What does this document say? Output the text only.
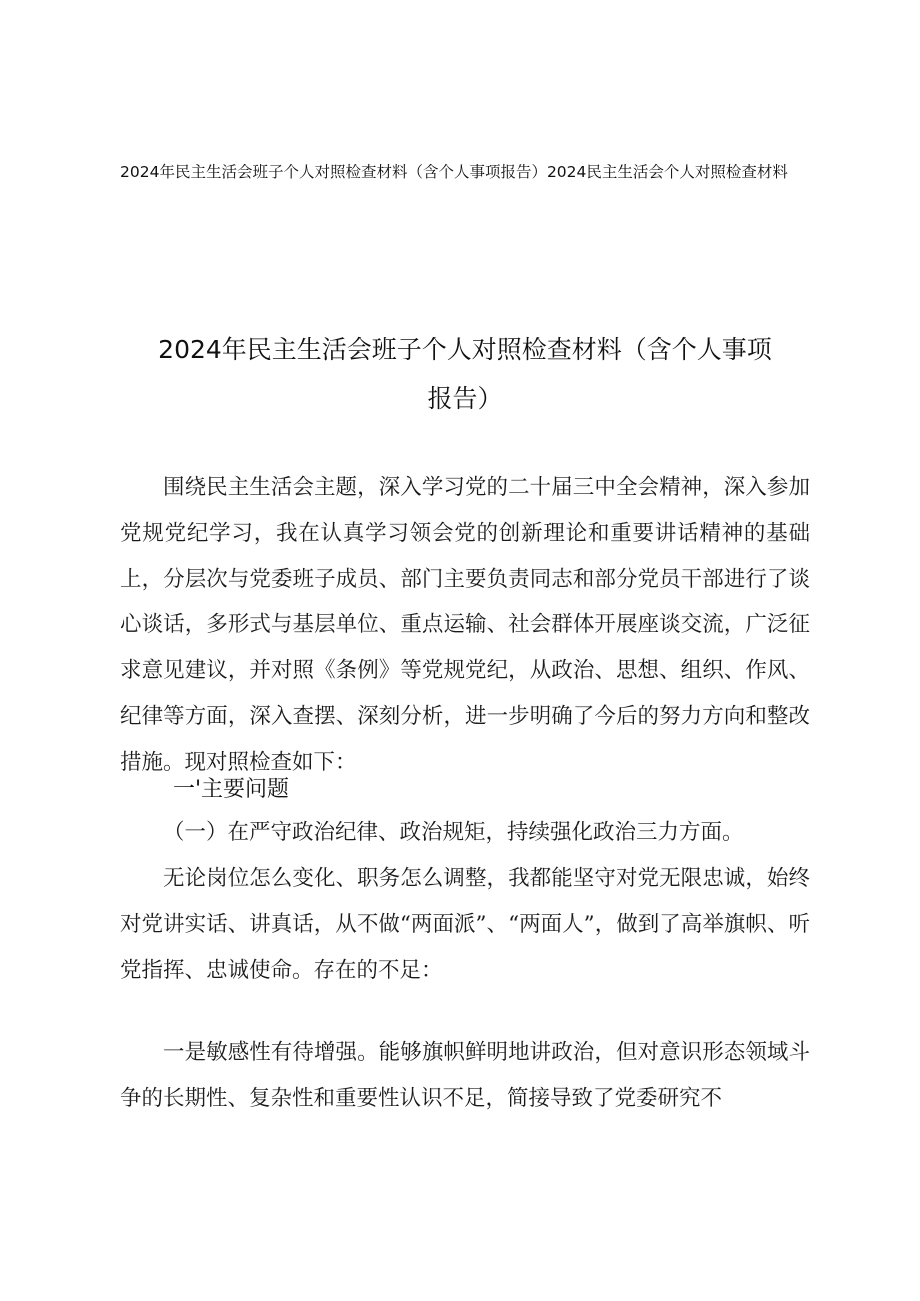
2024年民主生活会班子个人对照检查材料（含个人事项报告）2024民主生活会个人对照检查材料
2024年民主生活会班子个人对照检查材料（含个人事项
报告）

围绕民主生活会主题，深入学习党的二十届三中全会精神，深入参加党规党纪学习，我在认真学习领会党的创新理论和重要讲话精神的基础上，分层次与党委班子成员、部门主要负责同志和部分党员干部进行了谈心谈话，多形式与基层单位、重点运输、社会群体开展座谈交流，广泛征求意见建议，并对照《条例》等党规党纪，从政治、思想、组织、作风、纪律等方面，深入查摆、深刻分析，进一步明确了今后的努力方向和整改措施。现对照检查如下：

一'主要问题

（一）在严守政治纪律、政治规矩，持续强化政治三力方面。

无论岗位怎么变化、职务怎么调整，我都能坚守对党无限忠诚，始终对党讲实话、讲真话，从不做“两面派”、“两面人”，做到了高举旗帜、听党指挥、忠诚使命。存在的不足：

一是敏感性有待增强。能够旗帜鲜明地讲政治，但对意识形态领域斗争的长期性、复杂性和重要性认识不足，简接导致了党委研究不
